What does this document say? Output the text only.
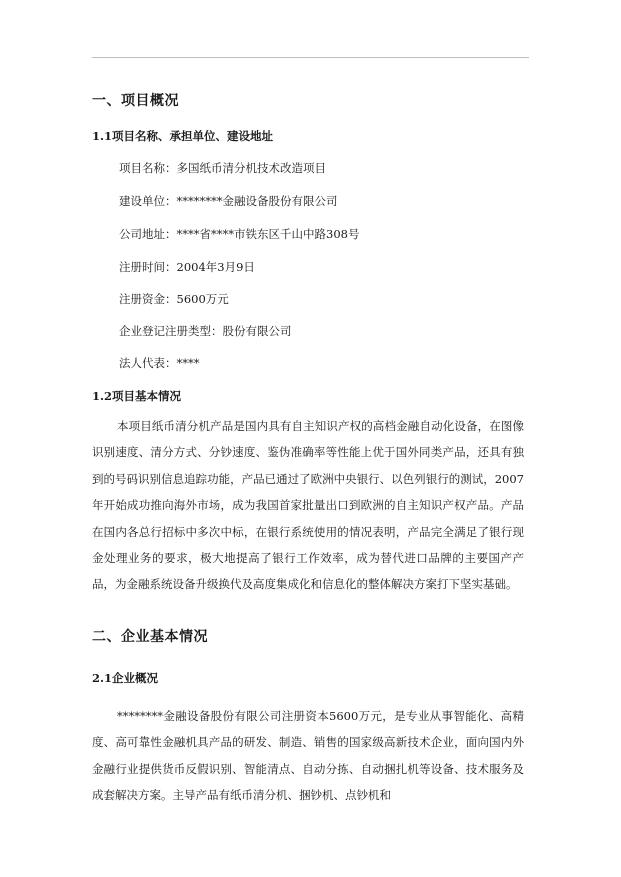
一、项目概况
1.1项目名称、承担单位、建设地址
项目名称：多国纸币清分机技术改造项目
建设单位：********金融设备股份有限公司
公司地址：****省****市铁东区千山中路308号
注册时间：2004年3月9日
注册资金：5600万元
企业登记注册类型：股份有限公司
法人代表：****
1.2项目基本情况
本项目纸币清分机产品是国内具有自主知识产权的高档金融自动化设备，在图像识别速度、清分方式、分钞速度、鉴伪准确率等性能上优于国外同类产品，还具有独到的号码识别信息追踪功能，产品已通过了欧洲中央银行、以色列银行的测试，2007年开始成功推向海外市场，成为我国首家批量出口到欧洲的自主知识产权产品。产品在国内各总行招标中多次中标，在银行系统使用的情况表明，产品完全满足了银行现金处理业务的要求，极大地提高了银行工作效率，成为替代进口品牌的主要国产产品，为金融系统设备升级换代及高度集成化和信息化的整体解决方案打下坚实基础。
二、企业基本情况
2.1企业概况
********金融设备股份有限公司注册资本5600万元，是专业从事智能化、高精度、高可靠性金融机具产品的研发、制造、销售的国家级高新技术企业，面向国内外金融行业提供货币反假识别、智能清点、自动分拣、自动捆扎机等设备、技术服务及成套解决方案。主导产品有纸币清分机、捆钞机、点钞机和
